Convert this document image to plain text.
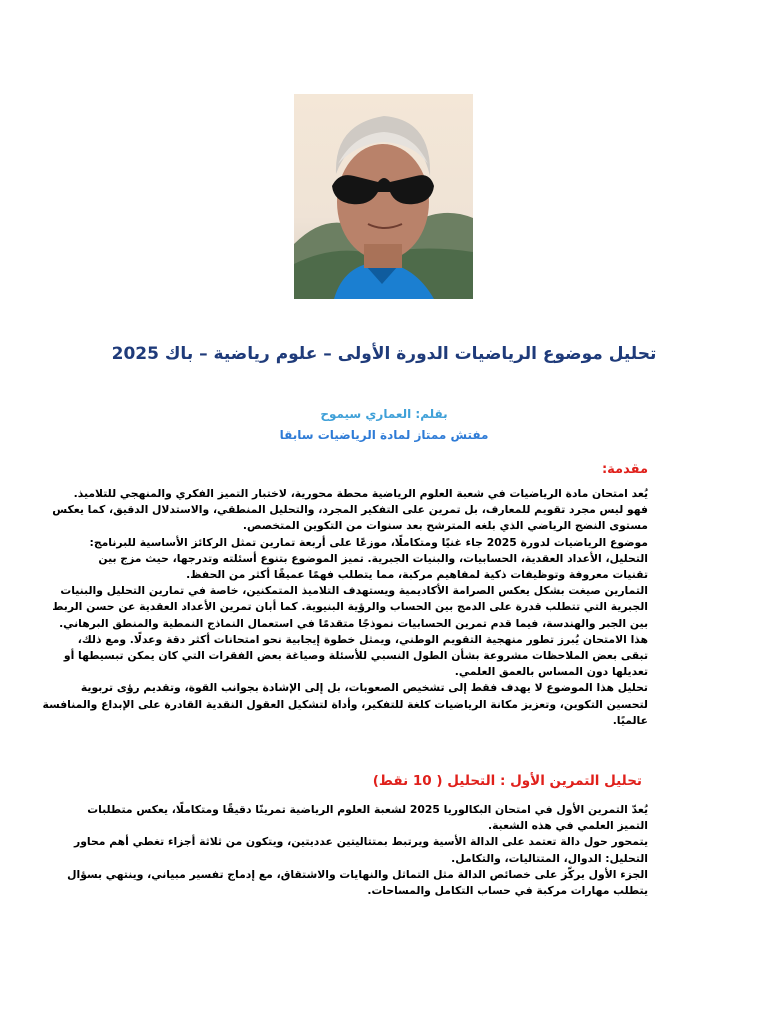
تحليل موضوع الرياضيات الدورة الأولى – علوم رياضية – باك 2025

بقلم: العماري سيموح

مفتش ممتاز لمادة الرياضيات سابقا

مقدمة:
يُعد امتحان مادة الرياضيات في شعبة العلوم الرياضية محطة محورية، لاختبار التميز الفكري والمنهجي للتلاميذ.
فهو ليس مجرد تقويم للمعارف، بل تمرين على التفكير المجرد، والتحليل المنطقي، والاستدلال الدقيق، كما يعكس
مستوى النضج الرياضي الذي بلغه المترشح بعد سنوات من التكوين المتخصص.
موضوع الرياضيات لدورة 2025 جاء غنيًا ومتكاملًا، موزعًا على أربعة تمارين تمثل الركائز الأساسية للبرنامج:
التحليل، الأعداد العقدية، الحسابيات، والبنيات الجبرية. تميز الموضوع بتنوع أسئلته وتدرجها، حيث مزج بين
تقنيات معروفة وتوظيفات ذكية لمفاهيم مركبة، مما يتطلب فهمًا عميقًا أكثر من الحفظ.
التمارين صيغت بشكل يعكس الصرامة الأكاديمية ويستهدف التلاميذ المتمكنين، خاصة في تمارين التحليل والبنيات
الجبرية التي تتطلب قدرة على الدمج بين الحساب والرؤية البنيوية. كما أبان تمرين الأعداد العقدية عن حسن الربط
بين الجبر والهندسة، فيما قدم تمرين الحسابيات نموذجًا متقدمًا في استعمال النماذج النمطية والمنطق البرهاني.
هذا الامتحان يُبرز تطور منهجية التقويم الوطني، ويمثل خطوة إيجابية نحو امتحانات أكثر دقة وعدلًا. ومع ذلك،
تبقى بعض الملاحظات مشروعة بشأن الطول النسبي للأسئلة وصياغة بعض الفقرات التي كان يمكن تبسيطها أو
تعديلها دون المساس بالعمق العلمي.
تحليل هذا الموضوع لا يهدف فقط إلى تشخيص الصعوبات، بل إلى الإشادة بجوانب القوة، وتقديم رؤى تربوية
لتحسين التكوين، وتعزيز مكانة الرياضيات كلغة للتفكير، وأداة لتشكيل العقول النقدية القادرة على الإبداع والمنافسة
عالميًا.
تحليل التمرين الأول : التحليل ( 10 نقط)
يُعدّ التمرين الأول في امتحان البكالوريا 2025 لشعبة العلوم الرياضية تمرينًا دقيقًا ومتكاملًا، يعكس متطلبات
التميز العلمي في هذه الشعبة.
يتمحور حول دالة تعتمد على الدالة الأسية ويرتبط بمتتاليتين عدديتين، ويتكون من ثلاثة أجزاء تغطي أهم محاور
التحليل: الدوال، المتتاليات، والتكامل.
الجزء الأول يركّز على خصائص الدالة مثل التماثل والنهايات والاشتقاق، مع إدماج تفسير مبياني، وينتهي بسؤال
يتطلب مهارات مركبة في حساب التكامل والمساحات.
